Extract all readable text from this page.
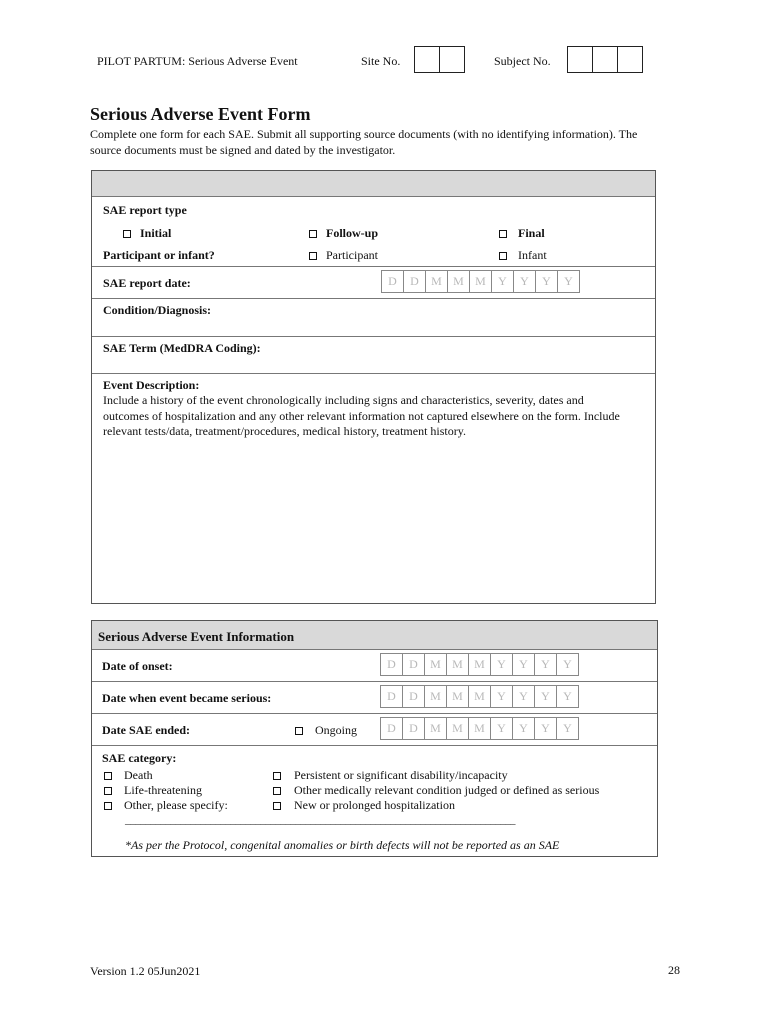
PILOT PARTUM: Serious Adverse Event	Site No.	Subject No.
Serious Adverse Event Form
Complete one form for each SAE. Submit all supporting source documents (with no identifying information). The
source documents must be signed and dated by the investigator.
SAE report type
Initial	Follow-up	Final
Participant or infant?	Participant	Infant
SAE report date:	D	D	M M M	Y	Y	Y	Y
Condition/Diagnosis:
SAE Term (MedDRA Coding):
Event Description:
Include a history of the event chronologically including signs and characteristics, severity, dates and
outcomes of hospitalization and any other relevant information not captured elsewhere on the form. Include
relevant tests/data, treatment/procedures, medical history, treatment history.
Serious Adverse Event Information
Date of onset:	D	D	M M M	Y	Y	Y	Y
Date when event became serious:	D	D	M M M	Y	Y	Y	Y
Date SAE ended:	Ongoing	D	D	M M M	Y	Y	Y	Y
SAE category:
Death
Life-threatening
Other, please specify:
Persistent or significant disability/incapacity
Other medically relevant condition judged or defined as serious
New or prolonged hospitalization
______________________________________________________________________________
*As per the Protocol, congenital anomalies or birth defects will not be reported as an SAE
Version 1.2 05Jun2021	28
